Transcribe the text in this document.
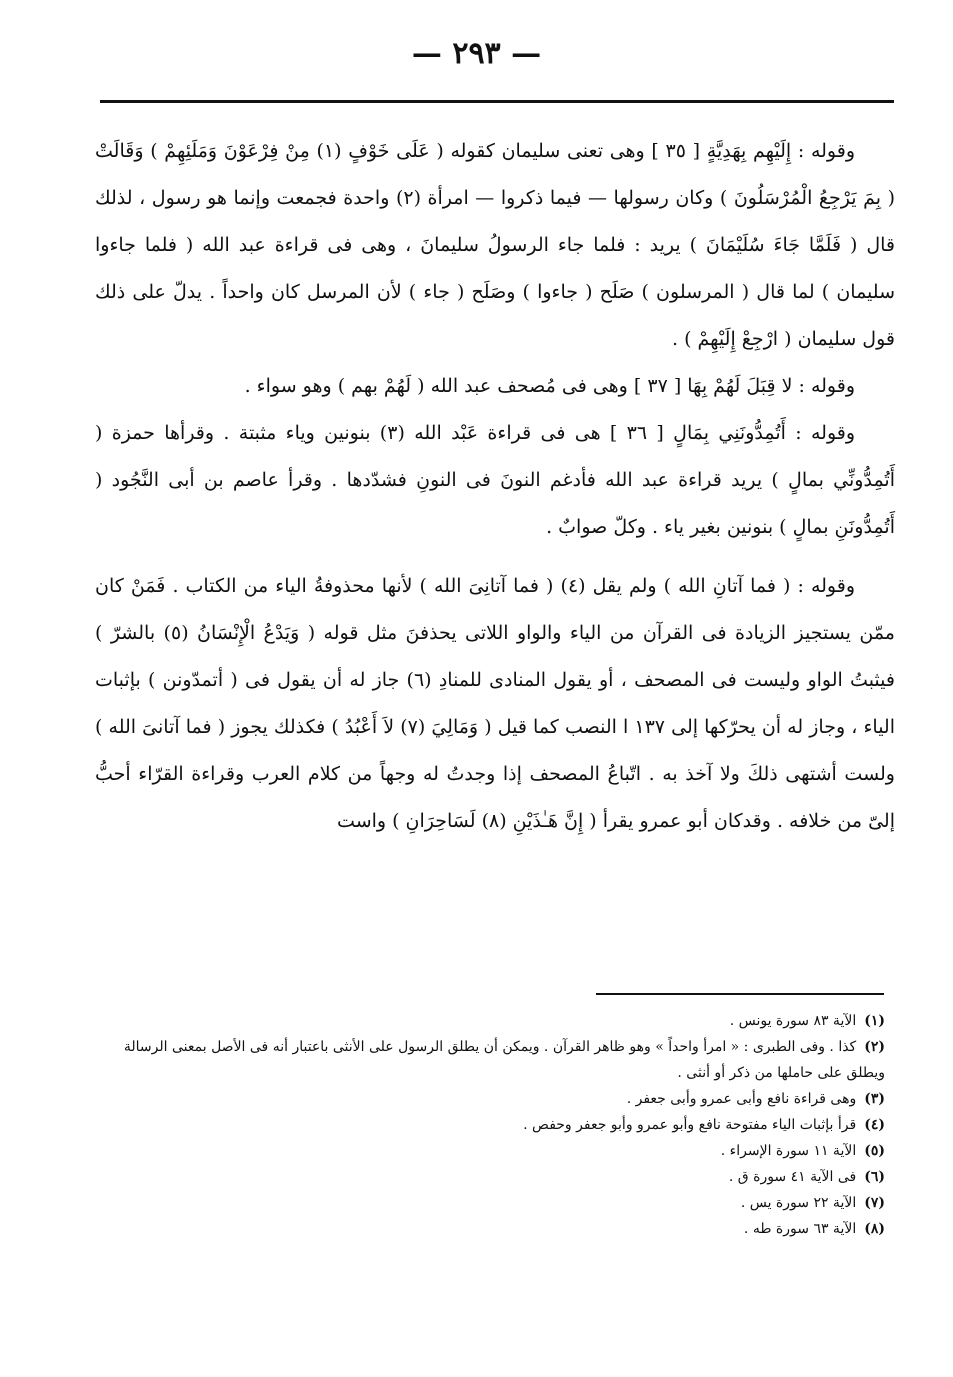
— ٢٩٣ —

وقوله : إِلَيْهِم بِهَدِيَّةٍ [ ٣٥ ] وهى تعنى سليمان كقوله ( عَلَى خَوْفٍ (١) مِنْ فِرْعَوْنَ وَمَلَئِهِمْ ) وَقَالَتْ ( بِمَ يَرْجِعُ الْمُرْسَلُونَ ) وكان رسولها — فيما ذكروا — امرأة (٢) واحدة فجمعت وإنما هو رسول ، لذلك قال ( فَلَمَّا جَاءَ سُلَيْمَانَ ) يريد : فلما جاء الرسولُ سليمانَ ، وهى فى قراءة عبد الله ( فلما جاءوا سليمان ) لما قال ( المرسلون ) صَلَح ( جاءوا ) وصَلَح ( جاء ) لأن المرسل كان واحداً . يدلّ على ذلك قول سليمان ( ارْجِعْ إِلَيْهِمْ ) .

وقوله : لا قِبَلَ لَهُمْ بِهَا [ ٣٧ ] وهى فى مُصحف عبد الله ( لَهُمْ بهم ) وهو سواء .

وقوله : أَتُمِدُّونَنِي بِمَالٍ [ ٣٦ ] هى فى قراءة عَبْد الله (٣) بنونين وياء مثبتة . وقرأها حمزة ( أَتُمِدُّونِّي بمالٍ ) يريد قراءة عبد الله فأدغم النونَ فى النونِ فشدّدها . وقرأ عاصم بن أبى النَّجُود ( أَتُمِدُّونَنِ بمالٍ ) بنونين بغير ياء . وكلّ صوابٌ .

وقوله : ( فما آتانِ الله ) ولم يقل (٤) ( فما آتانِىَ الله ) لأنها محذوفةُ الياء من الكتاب . فَمَنْ كان ممّن يستجيز الزيادة فى القرآن من الياء والواو اللاتى يحذفنَ مثل قوله ( وَيَدْعُ الْإِنْسَانُ (٥) بالشرّ ) فيثبتُ الواو وليست فى المصحف ، أو يقول المنادى للمنادِ (٦) جاز له أن يقول فى ( أتمدّونن ) بإثبات الياء ، وجاز له أن يحرّكها إلى ١٣٧ ا النصب كما قيل ( وَمَالِيَ (٧) لاَ أَعْبُدُ ) فكذلك يجوز ( فما آتانىَ الله ) ولست أشتهى ذلكَ ولا آخذ به . اتّباعُ المصحف إذا وجدتُ له وجهاً من كلام العرب وقراءة القرّاء أحبُّ إلىّ من خلافه . وقدكان أبو عمرو يقرأ ( إِنَّ هَـٰذَيْنِ (٨) لَسَاحِرَانِ ) واست

(١)الآية ٨٣ سورة يونس .

(٢)كذا . وفى الطبرى : « امرأ واحداً » وهو ظاهر القرآن . ويمكن أن يطلق الرسول على الأنثى باعتبار أنه فى الأصل بمعنى الرسالة ويطلق على حاملها من ذكر أو أنثى .

(٣)وهى قراءة نافع وأبى عمرو وأبى جعفر .

(٤)قرأ بإثبات الياء مفتوحة نافع وأبو عمرو وأبو جعفر وحفص .

(٥)الآية ١١ سورة الإسراء .

(٦)فى الآية ٤١ سورة ق .

(٧)الآية ٢٢ سورة يس .

(٨)الآية ٦٣ سورة طه .
